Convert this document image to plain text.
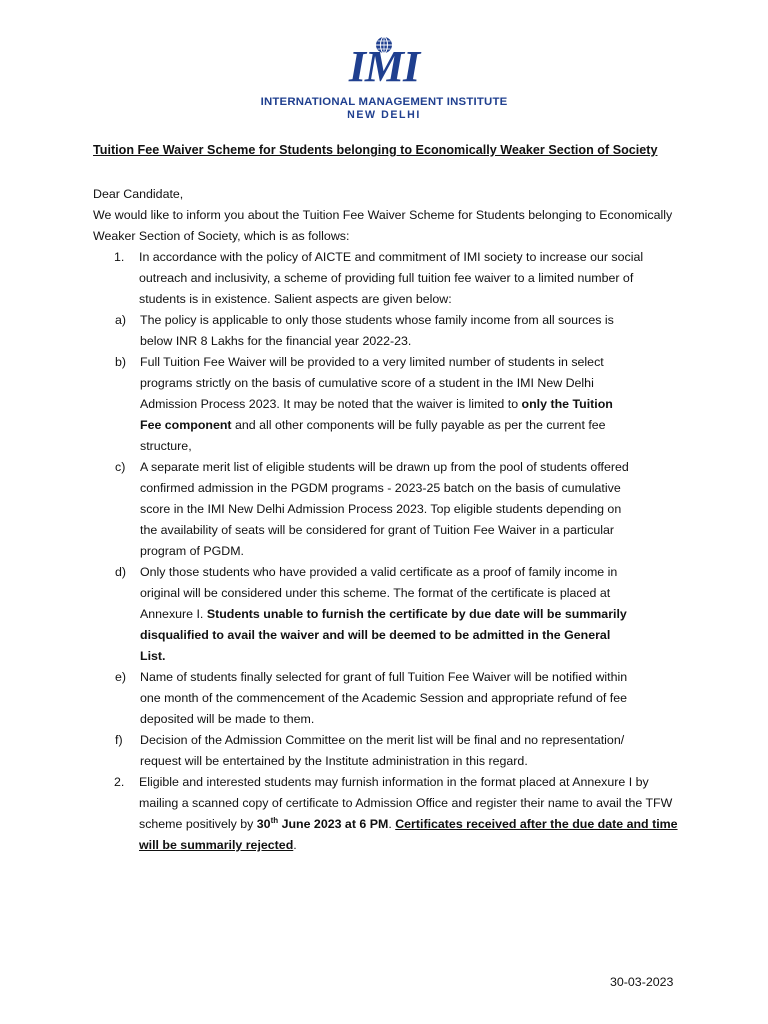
IMI
INTERNATIONAL MANAGEMENT INSTITUTE
NEW DELHI
Tuition Fee Waiver Scheme for Students belonging to Economically Weaker Section of Society

Dear Candidate,

We would like to inform you about the Tuition Fee Waiver Scheme for Students belonging to Economically Weaker Section of Society, which is as follows:

1.	In accordance with the policy of AICTE and commitment of IMI society to increase our social outreach and inclusivity, a scheme of providing full tuition fee waiver to a limited number of students is in existence. Salient aspects are given below:
a)	The policy is applicable to only those students whose family income from all sources is below INR 8 Lakhs for the financial year 2022-23.
b)	Full Tuition Fee Waiver will be provided to a very limited number of students in select programs strictly on the basis of cumulative score of a student in the IMI New Delhi Admission Process 2023. It may be noted that the waiver is limited to only the Tuition Fee component and all other components will be fully payable as per the current fee structure,
c)	A separate merit list of eligible students will be drawn up from the pool of students offered confirmed admission in the PGDM programs - 2023-25 batch on the basis of cumulative score in the IMI New Delhi Admission Process 2023. Top eligible students depending on the availability of seats will be considered for grant of Tuition Fee Waiver in a particular program of PGDM.
d)	Only those students who have provided a valid certificate as a proof of family income in original will be considered under this scheme. The format of the certificate is placed at Annexure I. Students unable to furnish the certificate by due date will be summarily disqualified to avail the waiver and will be deemed to be admitted in the General List.
e)	Name of students finally selected for grant of full Tuition Fee Waiver will be notified within one month of the commencement of the Academic Session and appropriate refund of fee deposited will be made to them.
f)	Decision of the Admission Committee on the merit list will be final and no representation/ request will be entertained by the Institute administration in this regard.
2.	Eligible and interested students may furnish information in the format placed at Annexure I by mailing a scanned copy of certificate to Admission Office and register their name to avail the TFW scheme positively by 30th June 2023 at 6 PM. Certificates received after the due date and time will be summarily rejected.
30-03-2023
